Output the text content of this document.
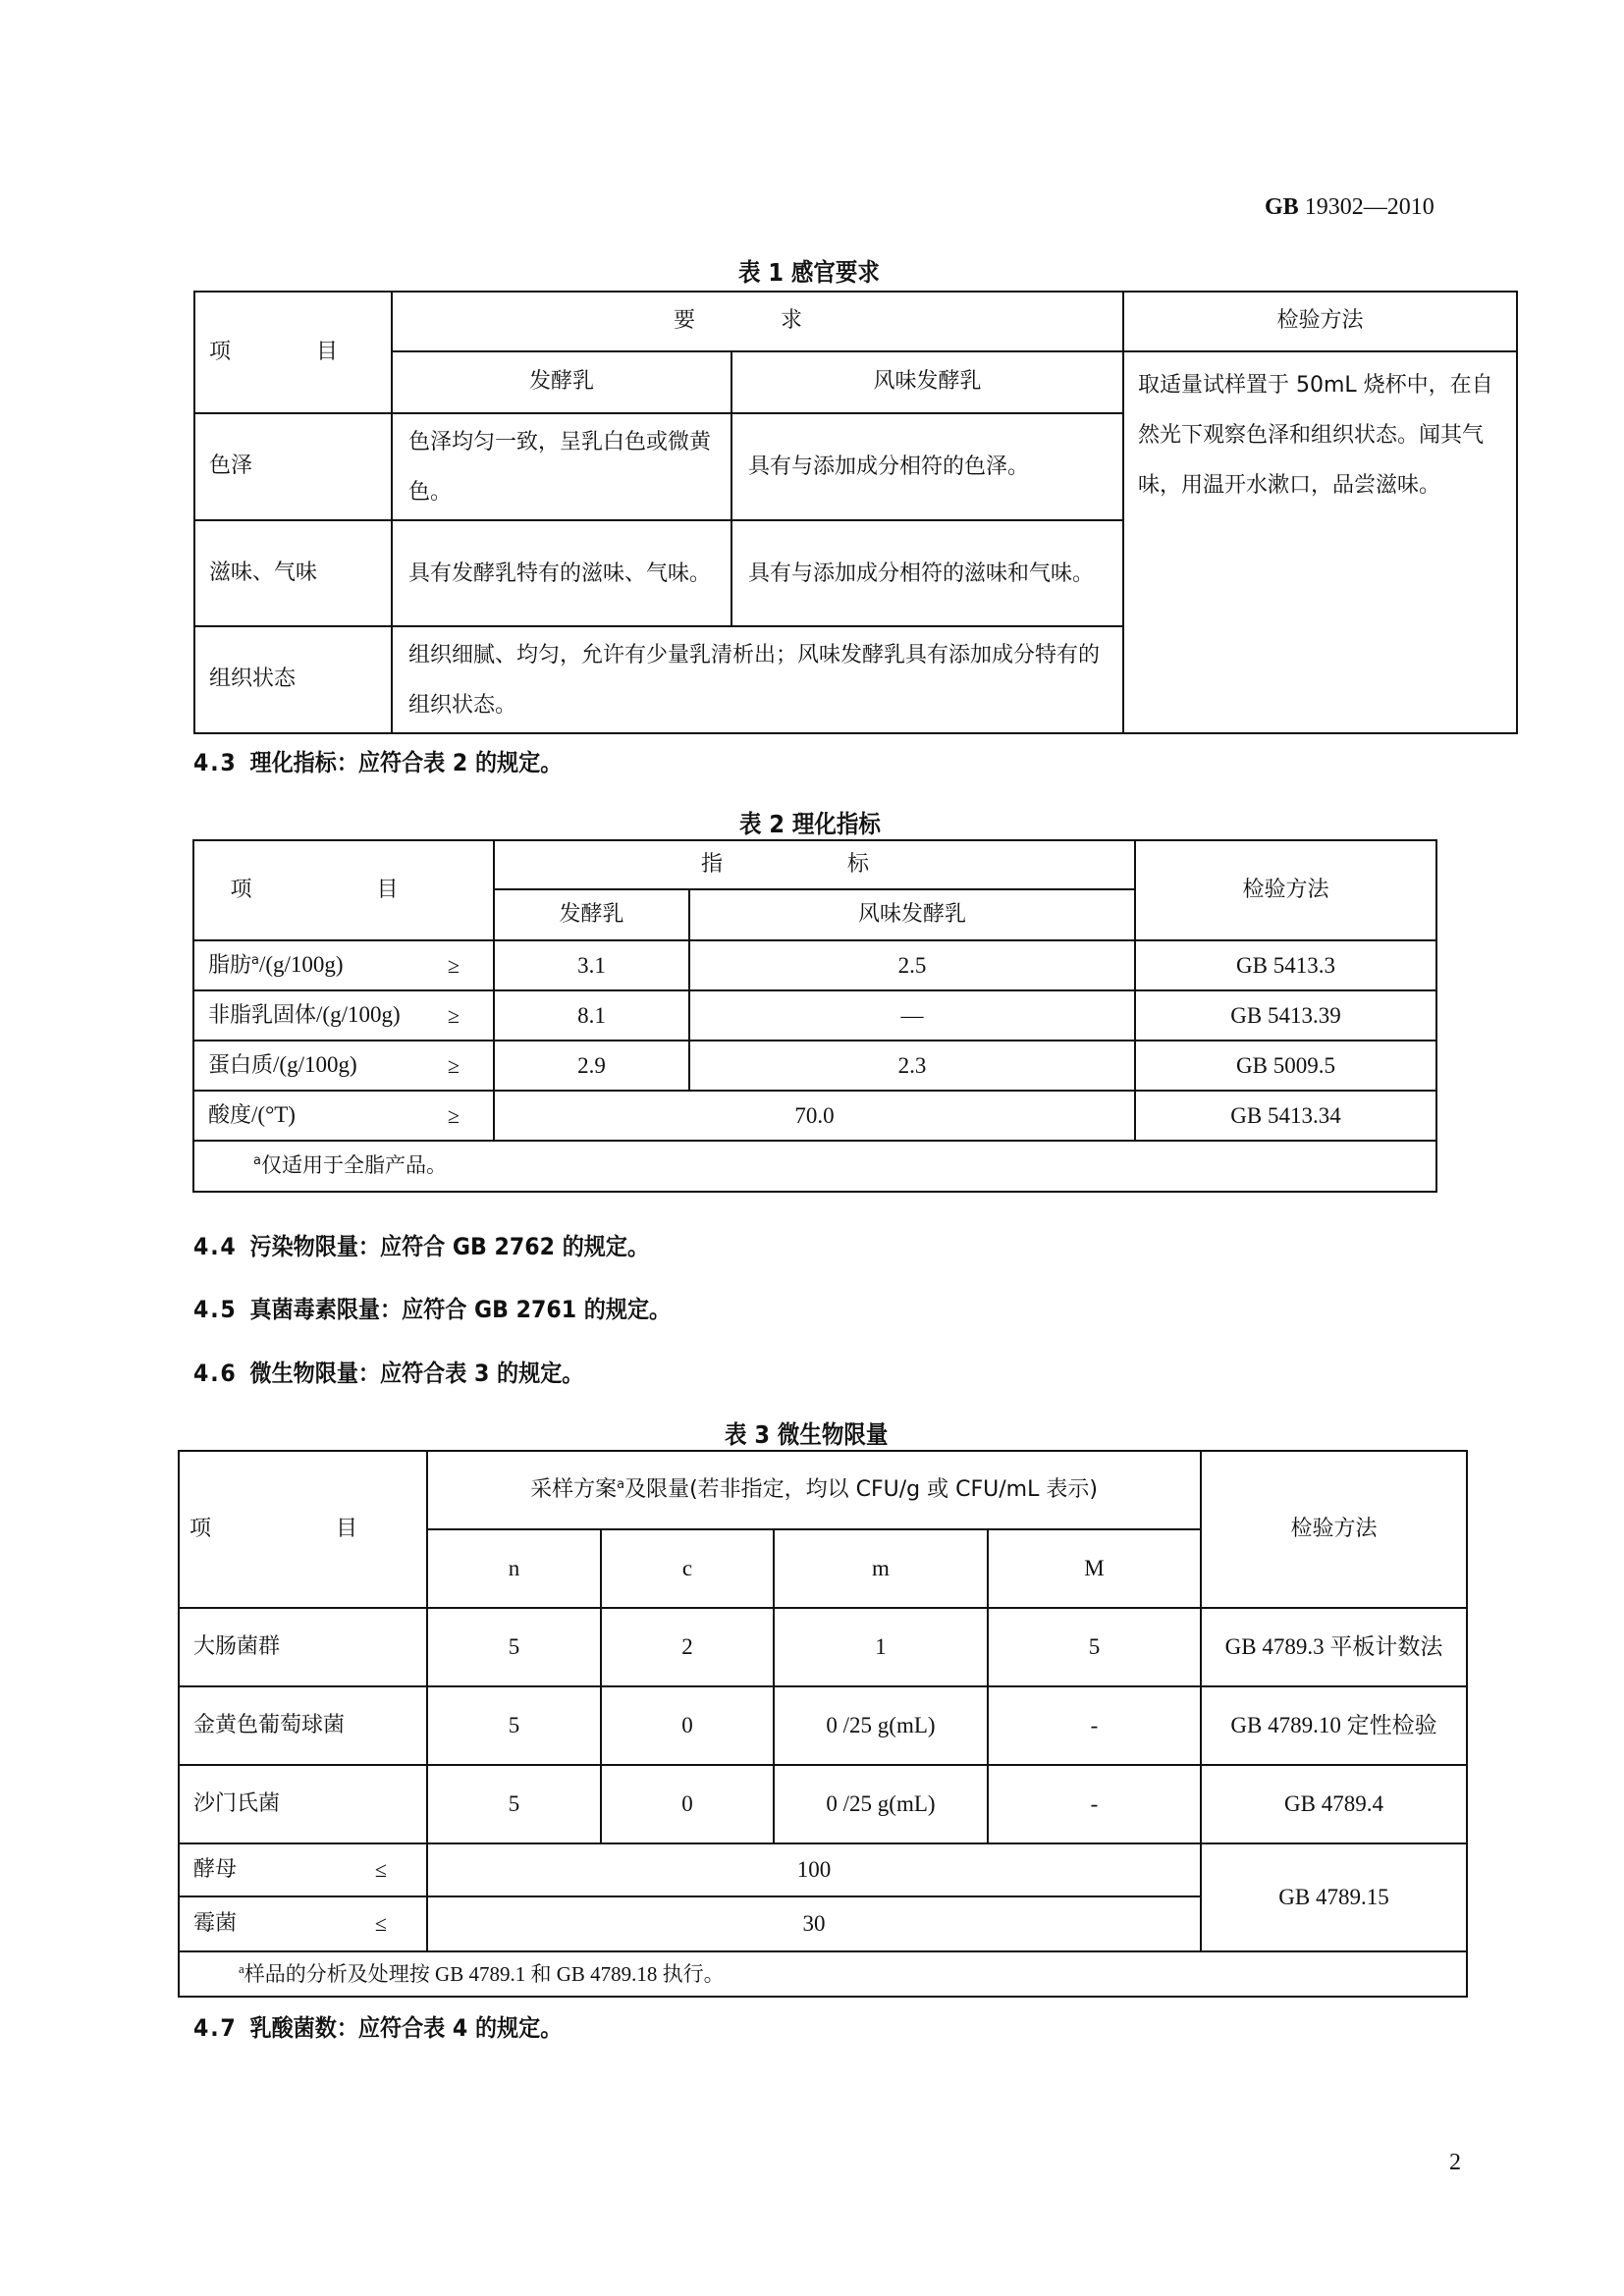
GB 19302—2010
表 1 感官要求
项 目	要 求		检验方法
	发酵乳	风味发酵乳	取适量试样置于 50mL 烧杯中，在自然光下观察色泽和组织状态。闻其气味，用温开水漱口，品尝滋味。
色泽	色泽均匀一致，呈乳白色或微黄色。	具有与添加成分相符的色泽。	
滋味、气味	具有发酵乳特有的滋味、气味。	具有与添加成分相符的滋味和气味。	
组织状态	组织细腻、均匀，允许有少量乳清析出；风味发酵乳具有添加成分特有的组织状态。		
4.3 理化指标：应符合表 2 的规定。
表 2 理化指标
项 目	指 标		检验方法
	发酵乳	风味发酵乳	
脂肪$^a$/(g/100g) ≥	3.1	2.5	GB 5413.3
非脂乳固体/(g/100g) ≥	8.1	—	GB 5413.39
蛋白质/(g/100g) ≥	2.9	2.3	GB 5009.5
酸度/(°T) ≥	70.0		GB 5413.34
$^a$仅适用于全脂产品。			
4.4 污染物限量：应符合 GB 2762 的规定。
4.5 真菌毒素限量：应符合 GB 2761 的规定。
4.6 微生物限量：应符合表 3 的规定。
表 3 微生物限量
项 目	采样方案$^a$及限量(若非指定，均以 CFU/g 或 CFU/mL 表示)				检验方法
	n	c	m	M	
大肠菌群	5	2	1	5	GB 4789.3 平板计数法
金黄色葡萄球菌	5	0	0 /25 g(mL)	-	GB 4789.10 定性检验
沙门氏菌	5	0	0 /25 g(mL)	-	GB 4789.4
酵母 ≤	100				GB 4789.15
霉菌 ≤	30				
$^a$样品的分析及处理按 GB 4789.1 和 GB 4789.18 执行。					
4.7 乳酸菌数：应符合表 4 的规定。
2
